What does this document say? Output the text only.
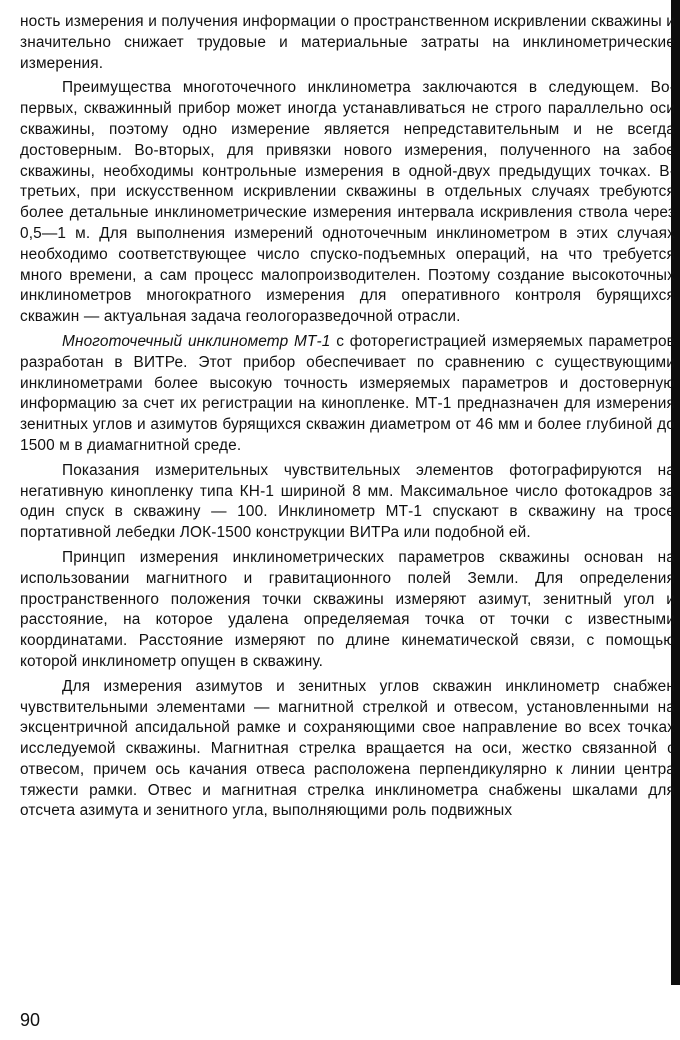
ность измерения и получения информации о пространственном искривлении скважины и значительно снижает трудовые и материальные затраты на инклинометрические измерения.

Преимущества многоточечного инклинометра заключаются в следующем. Во-первых, скважинный прибор может иногда устанавливаться не строго параллельно оси скважины, поэтому одно измерение является непредставительным и не всегда достоверным. Во-вторых, для привязки нового измерения, полученного на забое скважины, необходимы контрольные измерения в одной-двух предыдущих точках. В-третьих, при искусственном искривлении скважины в отдельных случаях требуются более детальные инклинометрические измерения интервала искривления ствола через 0,5—1 м. Для выполнения измерений одноточечным инклинометром в этих случаях необходимо соответствующее число спуско-подъемных операций, на что требуется много времени, а сам процесс малопроизводителен. Поэтому создание высокоточных инклинометров многократного измерения для оперативного контроля бурящихся скважин — актуальная задача геологоразведочной отрасли.

Многоточечный инклинометр МТ-1 с фоторегистрацией измеряемых параметров разработан в ВИТРе. Этот прибор обеспечивает по сравнению с существующими инклинометрами более высокую точность измеряемых параметров и достоверную информацию за счет их регистрации на кинопленке. МТ-1 предназначен для измерения зенитных углов и азимутов бурящихся скважин диаметром от 46 мм и более глубиной до 1500 м в диамагнитной среде.

Показания измерительных чувствительных элементов фотографируются на негативную кинопленку типа КН-1 шириной 8 мм. Максимальное число фотокадров за один спуск в скважину — 100. Инклинометр МТ-1 спускают в скважину на тросе портативной лебедки ЛОК-1500 конструкции ВИТРа или подобной ей.

Принцип измерения инклинометрических параметров скважины основан на использовании магнитного и гравитационного полей Земли. Для определения пространственного положения точки скважины измеряют азимут, зенитный угол и расстояние, на которое удалена определяемая точка от точки с известными координатами. Расстояние измеряют по длине кинематической связи, с помощью которой инклинометр опущен в скважину.

Для измерения азимутов и зенитных углов скважин инклинометр снабжен чувствительными элементами — магнитной стрелкой и отвесом, установленными на эксцентричной апсидальной рамке и сохраняющими свое направление во всех точках исследуемой скважины. Магнитная стрелка вращается на оси, жестко связанной с отвесом, причем ось качания отвеса расположена перпендикулярно к линии центра тяжести рамки. Отвес и магнитная стрелка инклинометра снабжены шкалами для отсчета азимута и зенитного угла, выполняющими роль подвижных

90
